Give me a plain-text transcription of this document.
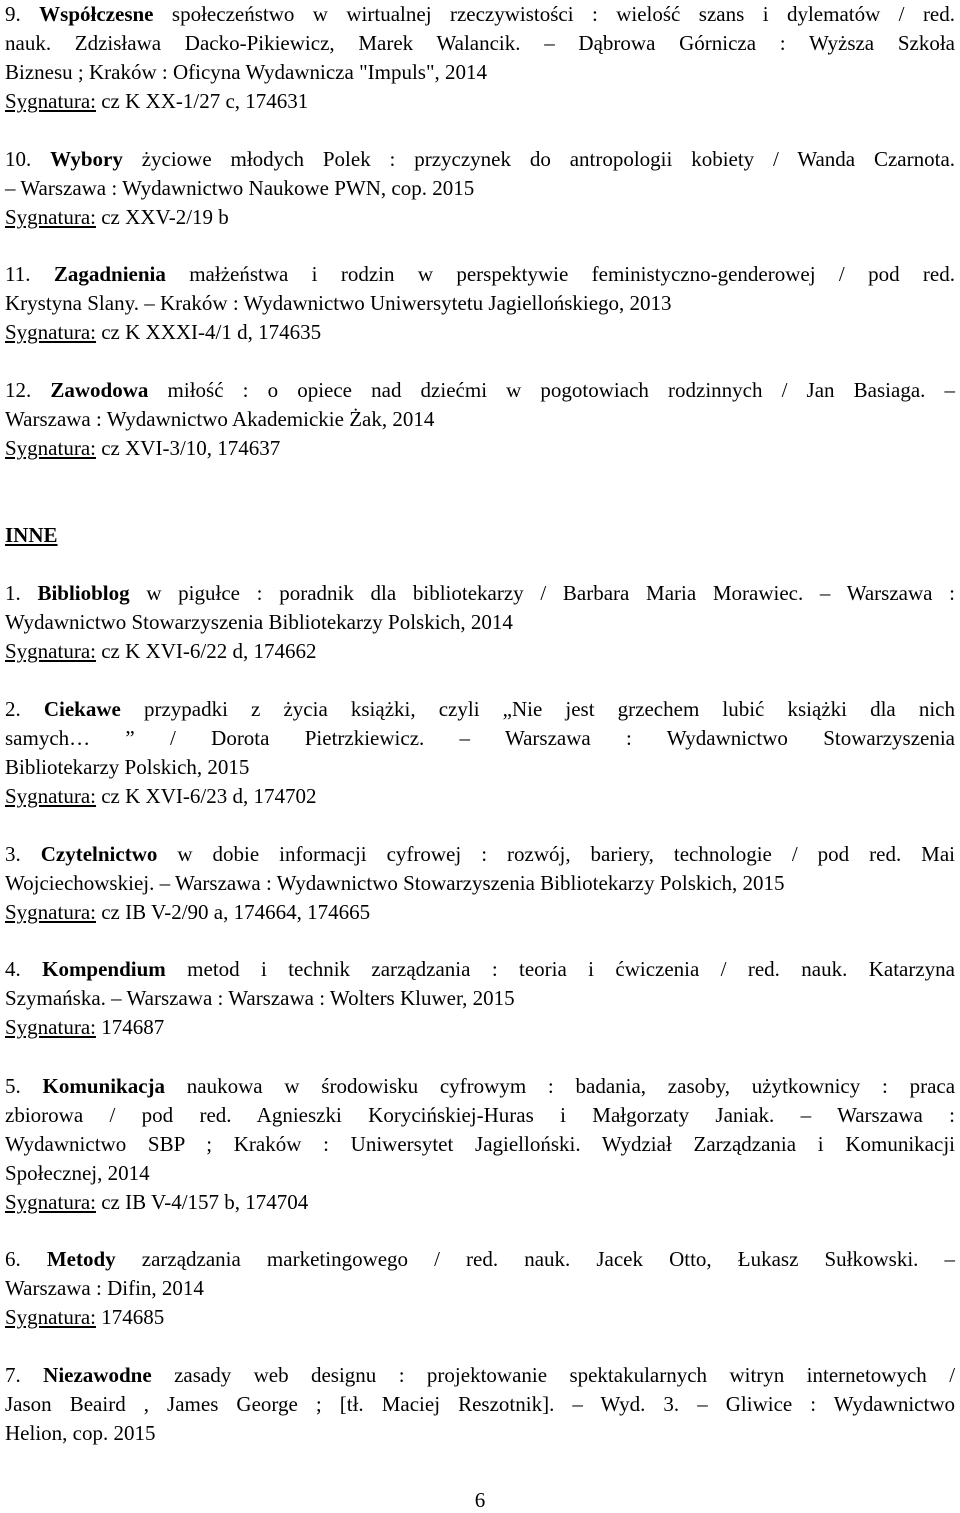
9. Współczesne społeczeństwo w wirtualnej rzeczywistości : wielość szans i dylematów / red.
nauk. Zdzisława Dacko-Pikiewicz, Marek Walancik. – Dąbrowa Górnicza : Wyższa Szkoła
Biznesu ; Kraków : Oficyna Wydawnicza "Impuls", 2014
Sygnatura: cz K XX-1/27 c, 174631
10. Wybory życiowe młodych Polek : przyczynek do antropologii kobiety / Wanda Czarnota.
– Warszawa : Wydawnictwo Naukowe PWN, cop. 2015
Sygnatura: cz XXV-2/19 b
11. Zagadnienia małżeństwa i rodzin w perspektywie feministyczno-genderowej / pod red.
Krystyna Slany. – Kraków : Wydawnictwo Uniwersytetu Jagiellońskiego, 2013
Sygnatura: cz K XXXI-4/1 d, 174635
12. Zawodowa miłość : o opiece nad dziećmi w pogotowiach rodzinnych / Jan Basiaga. –
Warszawa : Wydawnictwo Akademickie Żak, 2014
Sygnatura: cz XVI-3/10, 174637
INNE
1. Biblioblog w pigułce : poradnik dla bibliotekarzy / Barbara Maria Morawiec. – Warszawa :
Wydawnictwo Stowarzyszenia Bibliotekarzy Polskich, 2014
Sygnatura: cz K XVI-6/22 d, 174662
2. Ciekawe przypadki z życia książki, czyli „Nie jest grzechem lubić książki dla nich
samych… ” / Dorota Pietrzkiewicz. – Warszawa : Wydawnictwo Stowarzyszenia
Bibliotekarzy Polskich, 2015
Sygnatura: cz K XVI-6/23 d, 174702
3. Czytelnictwo w dobie informacji cyfrowej : rozwój, bariery, technologie / pod red. Mai
Wojciechowskiej. – Warszawa : Wydawnictwo Stowarzyszenia Bibliotekarzy Polskich, 2015
Sygnatura: cz IB V-2/90 a, 174664, 174665
4. Kompendium metod i technik zarządzania : teoria i ćwiczenia / red. nauk. Katarzyna
Szymańska. – Warszawa : Warszawa : Wolters Kluwer, 2015
Sygnatura: 174687
5. Komunikacja naukowa w środowisku cyfrowym : badania, zasoby, użytkownicy : praca
zbiorowa / pod red. Agnieszki Korycińskiej-Huras i Małgorzaty Janiak. – Warszawa :
Wydawnictwo SBP ; Kraków : Uniwersytet Jagielloński. Wydział Zarządzania i Komunikacji
Społecznej, 2014
Sygnatura: cz IB V-4/157 b, 174704
6. Metody zarządzania marketingowego / red. nauk. Jacek Otto, Łukasz Sułkowski. –
Warszawa : Difin, 2014
Sygnatura: 174685
7. Niezawodne zasady web designu : projektowanie spektakularnych witryn internetowych /
Jason Beaird , James George ; [tł. Maciej Reszotnik]. – Wyd. 3. – Gliwice : Wydawnictwo
Helion, cop. 2015
6
